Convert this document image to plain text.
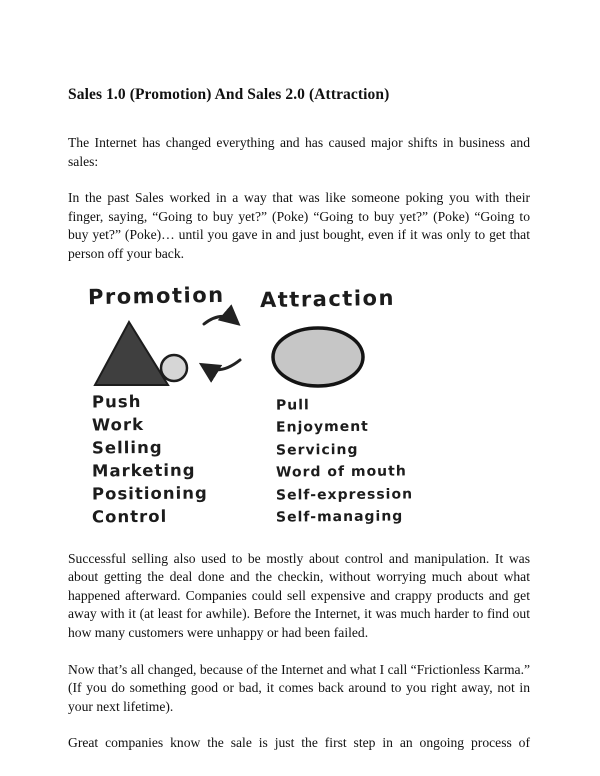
Sales 1.0 (Promotion) And Sales 2.0 (Attraction)

The Internet has changed everything and has caused major shifts in business and sales:

In the past Sales worked in a way that was like someone poking you with their finger, saying, “Going to buy yet?” (Poke) “Going to buy yet?” (Poke) “Going to buy yet?” (Poke)… until you gave in and just bought, even if it was only to get that person off your back.

Promotion Attraction
Push
Work
Selling
Marketing
Positioning
Control
Pull
Enjoyment
Servicing
Word of mouth
Self-expression
Self-managing

Successful selling also used to be mostly about control and manipulation. It was about getting the deal done and the checkin, without worrying much about what happened afterward. Companies could sell expensive and crappy products and get away with it (at least for awhile). Before the Internet, it was much harder to find out how many customers were unhappy or had been failed.

Now that’s all changed, because of the Internet and what I call “Frictionless Karma.” (If you do something good or bad, it comes back around to you right away, not in your next lifetime).

Great companies know the sale is just the first step in an ongoing process of
